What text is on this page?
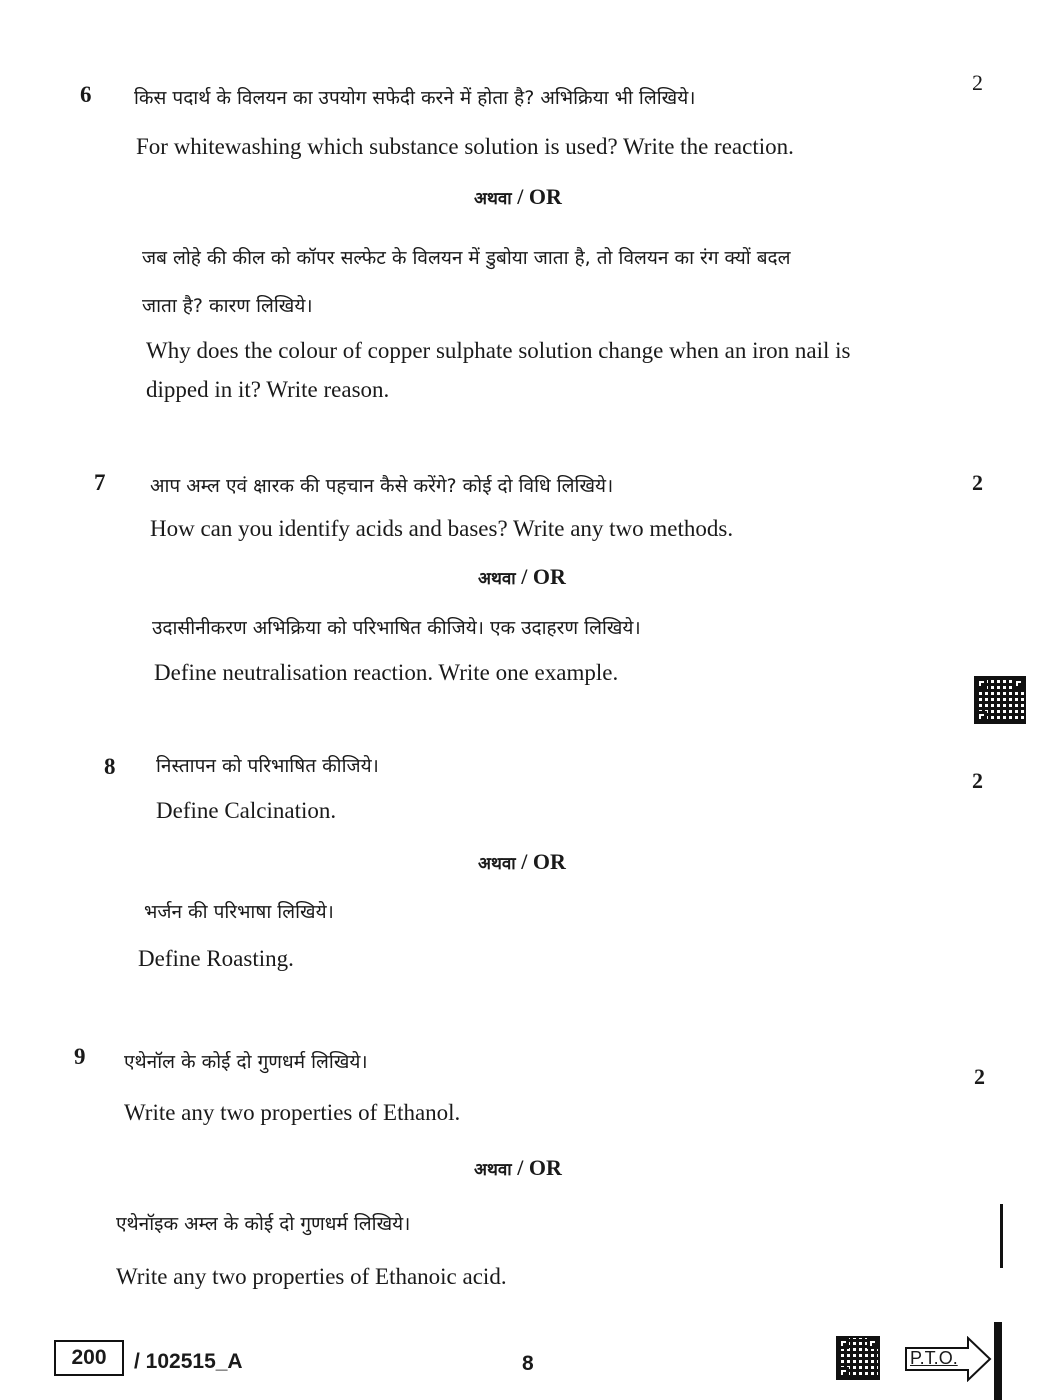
6	2
किस पदार्थ के विलयन का उपयोग सफेदी करने में होता है? अभिक्रिया भी लिखिये।
For whitewashing which substance solution is used? Write the reaction.
अथवा / OR
जब लोहे की कील को कॉपर सल्फेट के विलयन में डुबोया जाता है, तो विलयन का रंग क्यों बदल
जाता है? कारण लिखिये।
Why does the colour of copper sulphate solution change when an iron nail is
dipped in it? Write reason.
7	2
आप अम्ल एवं क्षारक की पहचान कैसे करेंगे? कोई दो विधि लिखिये।
How can you identify acids and bases? Write any two methods.
अथवा / OR
उदासीनीकरण अभिक्रिया को परिभाषित कीजिये। एक उदाहरण लिखिये।
Define neutralisation reaction. Write one example.
8
2
निस्तापन को परिभाषित कीजिये।
Define Calcination.
अथवा / OR
भर्जन की परिभाषा लिखिये।
Define Roasting.
9
2
एथेनॉल के कोई दो गुणधर्म लिखिये।
Write any two properties of Ethanol.
अथवा / OR
एथेनॉइक अम्ल के कोई दो गुणधर्म लिखिये।
Write any two properties of Ethanoic acid.
200	/ 102515_A	8	P.T.O.
